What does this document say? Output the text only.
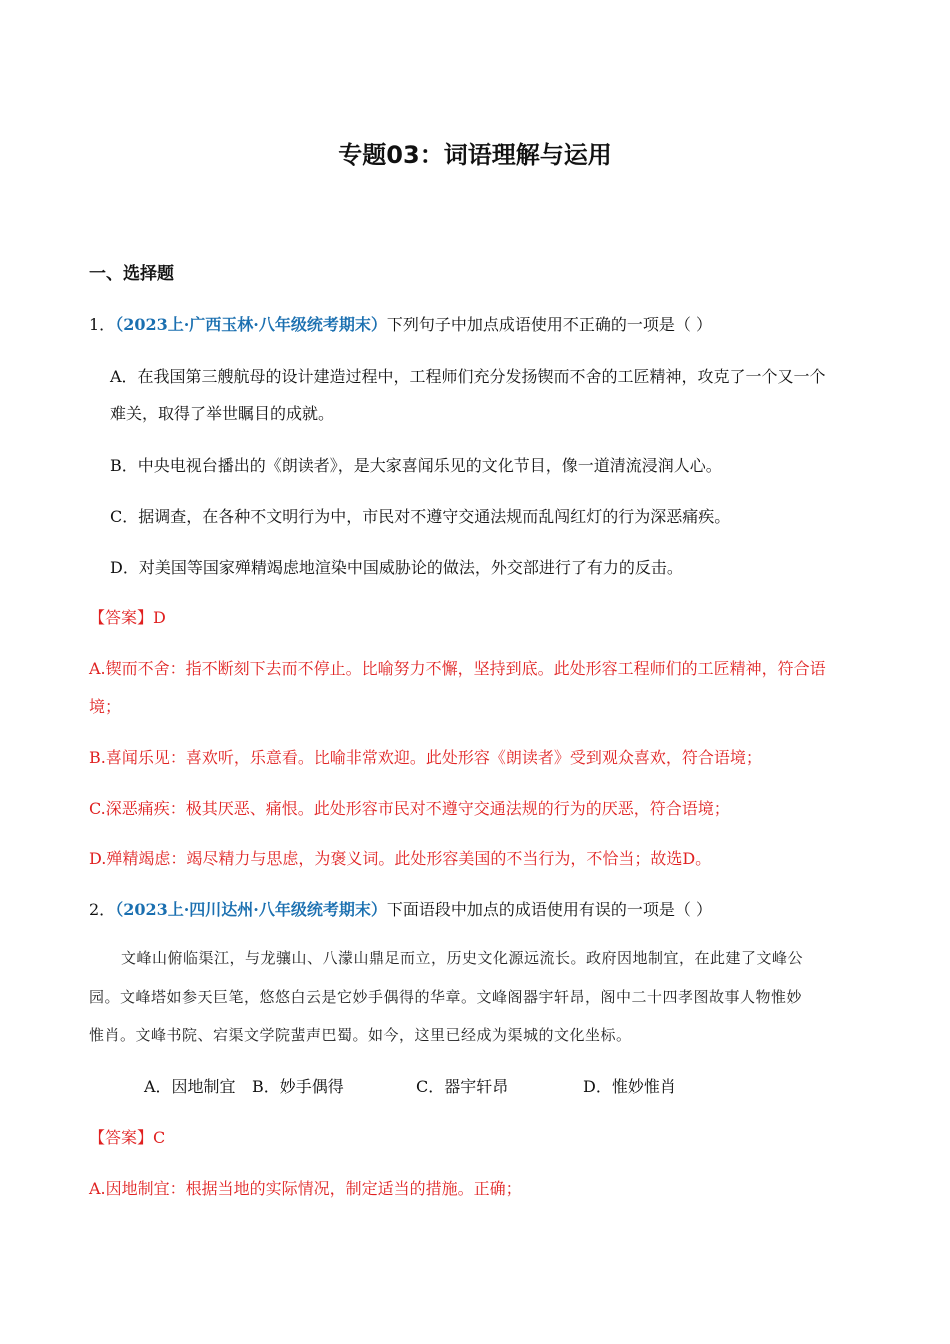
专题03：词语理解与运用
一、选择题
1．（2023上·广西玉林·八年级统考期末）下列句子中加点成语使用不正确的一项是（ ）
A．在我国第三艘航母的设计建造过程中，工程师们充分发扬锲而不舍的工匠精神，攻克了一个又一个
难关，取得了举世瞩目的成就。
B．中央电视台播出的《朗读者》，是大家喜闻乐见的文化节目，像一道清流浸润人心。
C．据调查，在各种不文明行为中，市民对不遵守交通法规而乱闯红灯的行为深恶痛疾。
D．对美国等国家殚精竭虑地渲染中国威胁论的做法，外交部进行了有力的反击。
【答案】D
A.锲而不舍：指不断刻下去而不停止。比喻努力不懈，坚持到底。此处形容工程师们的工匠精神，符合语
境；
B.喜闻乐见：喜欢听，乐意看。比喻非常欢迎。此处形容《朗读者》受到观众喜欢，符合语境；
C.深恶痛疾：极其厌恶、痛恨。此处形容市民对不遵守交通法规的行为的厌恶，符合语境；
D.殚精竭虑：竭尽精力与思虑，为褒义词。此处形容美国的不当行为，不恰当；故选D。
2．（2023上·四川达州·八年级统考期末）下面语段中加点的成语使用有误的一项是（ ）
文峰山俯临渠江，与龙骧山、八濛山鼎足而立，历史文化源远流长。政府因地制宜，在此建了文峰公
园。文峰塔如参天巨笔，悠悠白云是它妙手偶得的华章。文峰阁器宇轩昂，阁中二十四孝图故事人物惟妙
惟肖。文峰书院、宕渠文学院蜚声巴蜀。如今，这里已经成为渠城的文化坐标。
A．因地制宜 B．妙手偶得	C．器宇轩昂	D．惟妙惟肖
【答案】C
A.因地制宜：根据当地的实际情况，制定适当的措施。正确；
